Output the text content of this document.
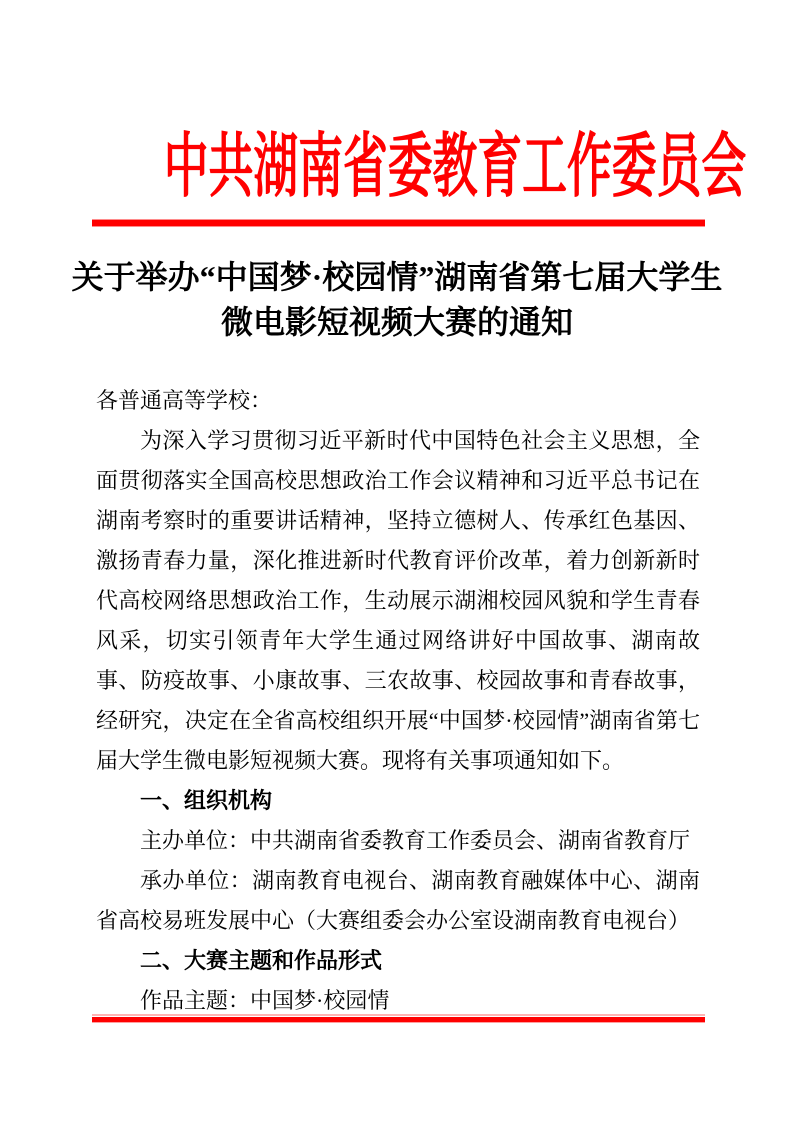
中共湖南省委教育工作委员会
关于举办“中国梦·校园情”湖南省第七届大学生
微电影短视频大赛的通知

各普通高等学校：

为深入学习贯彻习近平新时代中国特色社会主义思想，全面贯彻落实全国高校思想政治工作会议精神和习近平总书记在湖南考察时的重要讲话精神，坚持立德树人、传承红色基因、激扬青春力量，深化推进新时代教育评价改革，着力创新新时代高校网络思想政治工作，生动展示湖湘校园风貌和学生青春风采，切实引领青年大学生通过网络讲好中国故事、湖南故事、防疫故事、小康故事、三农故事、校园故事和青春故事，经研究，决定在全省高校组织开展“中国梦·校园情”湖南省第七届大学生微电影短视频大赛。现将有关事项通知如下。

一、组织机构

主办单位：中共湖南省委教育工作委员会、湖南省教育厅

承办单位：湖南教育电视台、湖南教育融媒体中心、湖南省高校易班发展中心（大赛组委会办公室设湖南教育电视台）

二、大赛主题和作品形式

作品主题：中国梦·校园情
